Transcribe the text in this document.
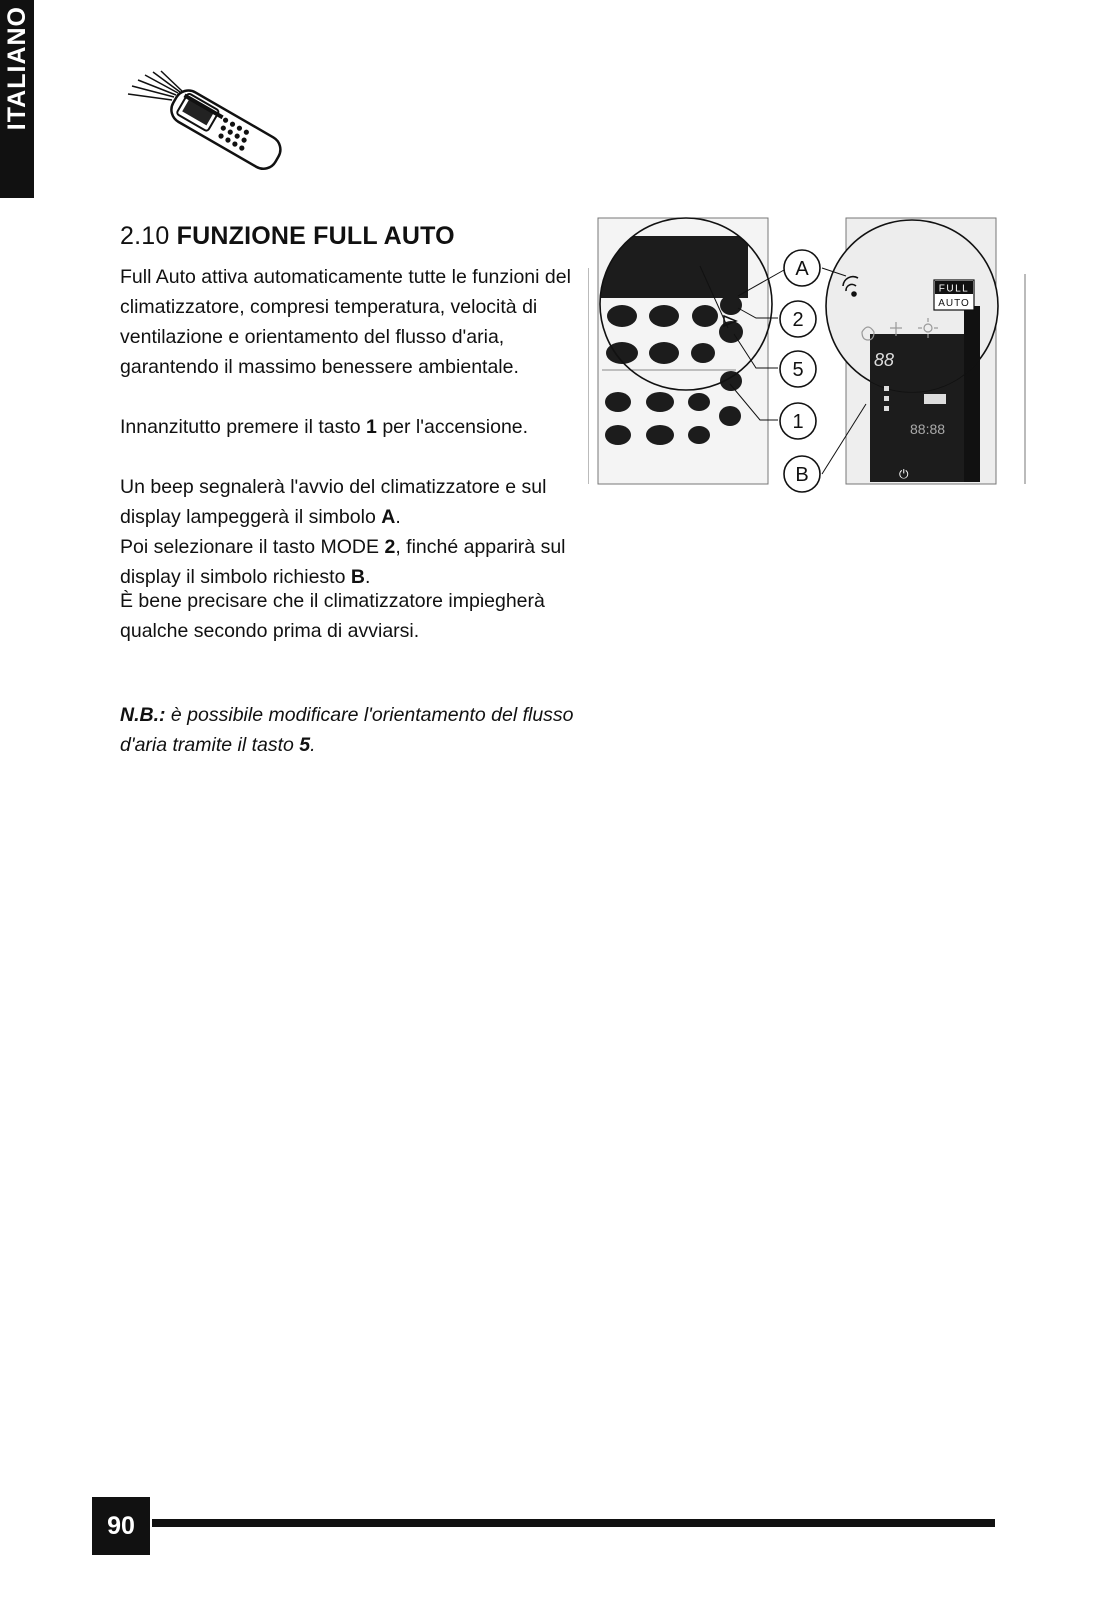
ITALIANO
2.10 FUNZIONE FULL AUTO

Full Auto attiva automaticamente tutte le funzioni del climatizzatore, compresi temperatura, velocità di ventilazione e orientamento del flusso d'aria, garantendo il massimo benessere ambientale.

Innanzitutto premere il tasto 1 per l'accensione.

Un beep segnalerà l'avvio del climatizzatore e sul display lampeggerà il simbolo A.
Poi selezionare il tasto MODE 2, finché apparirà sul display il simbolo richiesto B.

È bene precisare che il climatizzatore impiegherà qualche secondo prima di avviarsi.

N.B.: è possibile modificare l'orientamento del flusso d'aria tramite il tasto 5.

⏻
FULL
AUTO
88
88:88
A
2
5
1
B
90
